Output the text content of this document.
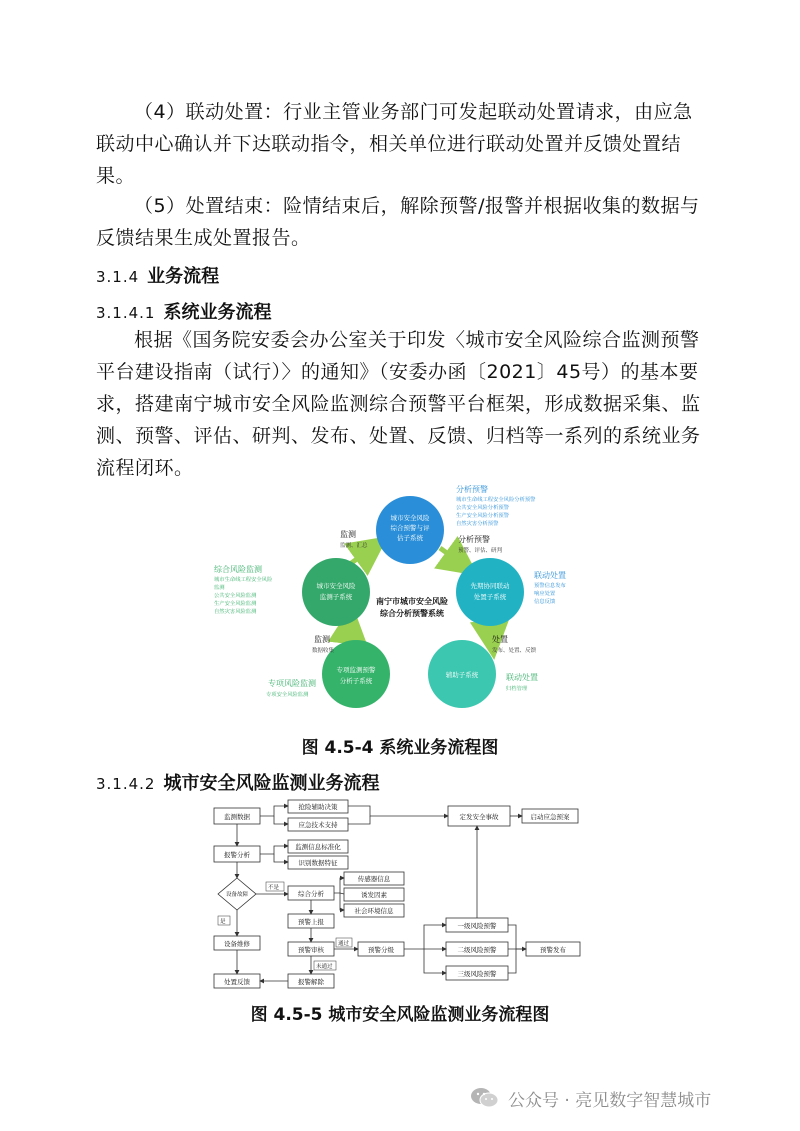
（4）联动处置：行业主管业务部门可发起联动处置请求，由应急联动中心确认并下达联动指令，相关单位进行联动处置并反馈处置结果。
（5）处置结束：险情结束后，解除预警/报警并根据收集的数据与反馈结果生成处置报告。
3.1.4 业务流程
3.1.4.1 系统业务流程
根据《国务院安委会办公室关于印发〈城市安全风险综合监测预警平台建设指南（试行）〉的通知》（安委办函〔2021〕45号）的基本要求，搭建南宁城市安全风险监测综合预警平台框架，形成数据采集、监测、预警、评估、研判、发布、处置、反馈、归档等一系列的系统业务流程闭环。
城市安全风险
综合预警与评
估子系统
先期协同联动
处置子系统
辅助子系统
专项监测预警
分析子系统
城市安全风险
监测子系统	南宁市城市安全风险
综合分析预警系统
监测
监测、汇总
分析预警
预警、评估、研判
处置
发布、处置、反馈
监测
数据收集
分析预警
城市生命线工程安全风险分析预警
公共安全风险分析预警
生产安全风险分析预警
自然灾害分析预警
联动处置
预警信息发布
响应处置
信息反馈
综合风险监测
城市生命线工程安全风险
监测
公共安全风险监测
生产安全风险监测
自然灾害风险监测
联动处置
归档管理
专项风险监测
专项安全风险监测
图 4.5-4 系统业务流程图
3.1.4.2 城市安全风险监测业务流程
监测数据
抢险辅助决策
应急技术支持
定发安全事故	启动应急预案
报警分析
监测信息标准化
识别数据特征
设备故障	综合分析
传感器信息
诱发因素
社会环境信息
预警上报
设备维修
预警审核	预警分级
一级风险预警
二级风险预警
三级风险预警
预警发布
处置反馈	报警解除
不是
是
通过
未通过
图 4.5-5 城市安全风险监测业务流程图
公众号 · 亮见数字智慧城市
